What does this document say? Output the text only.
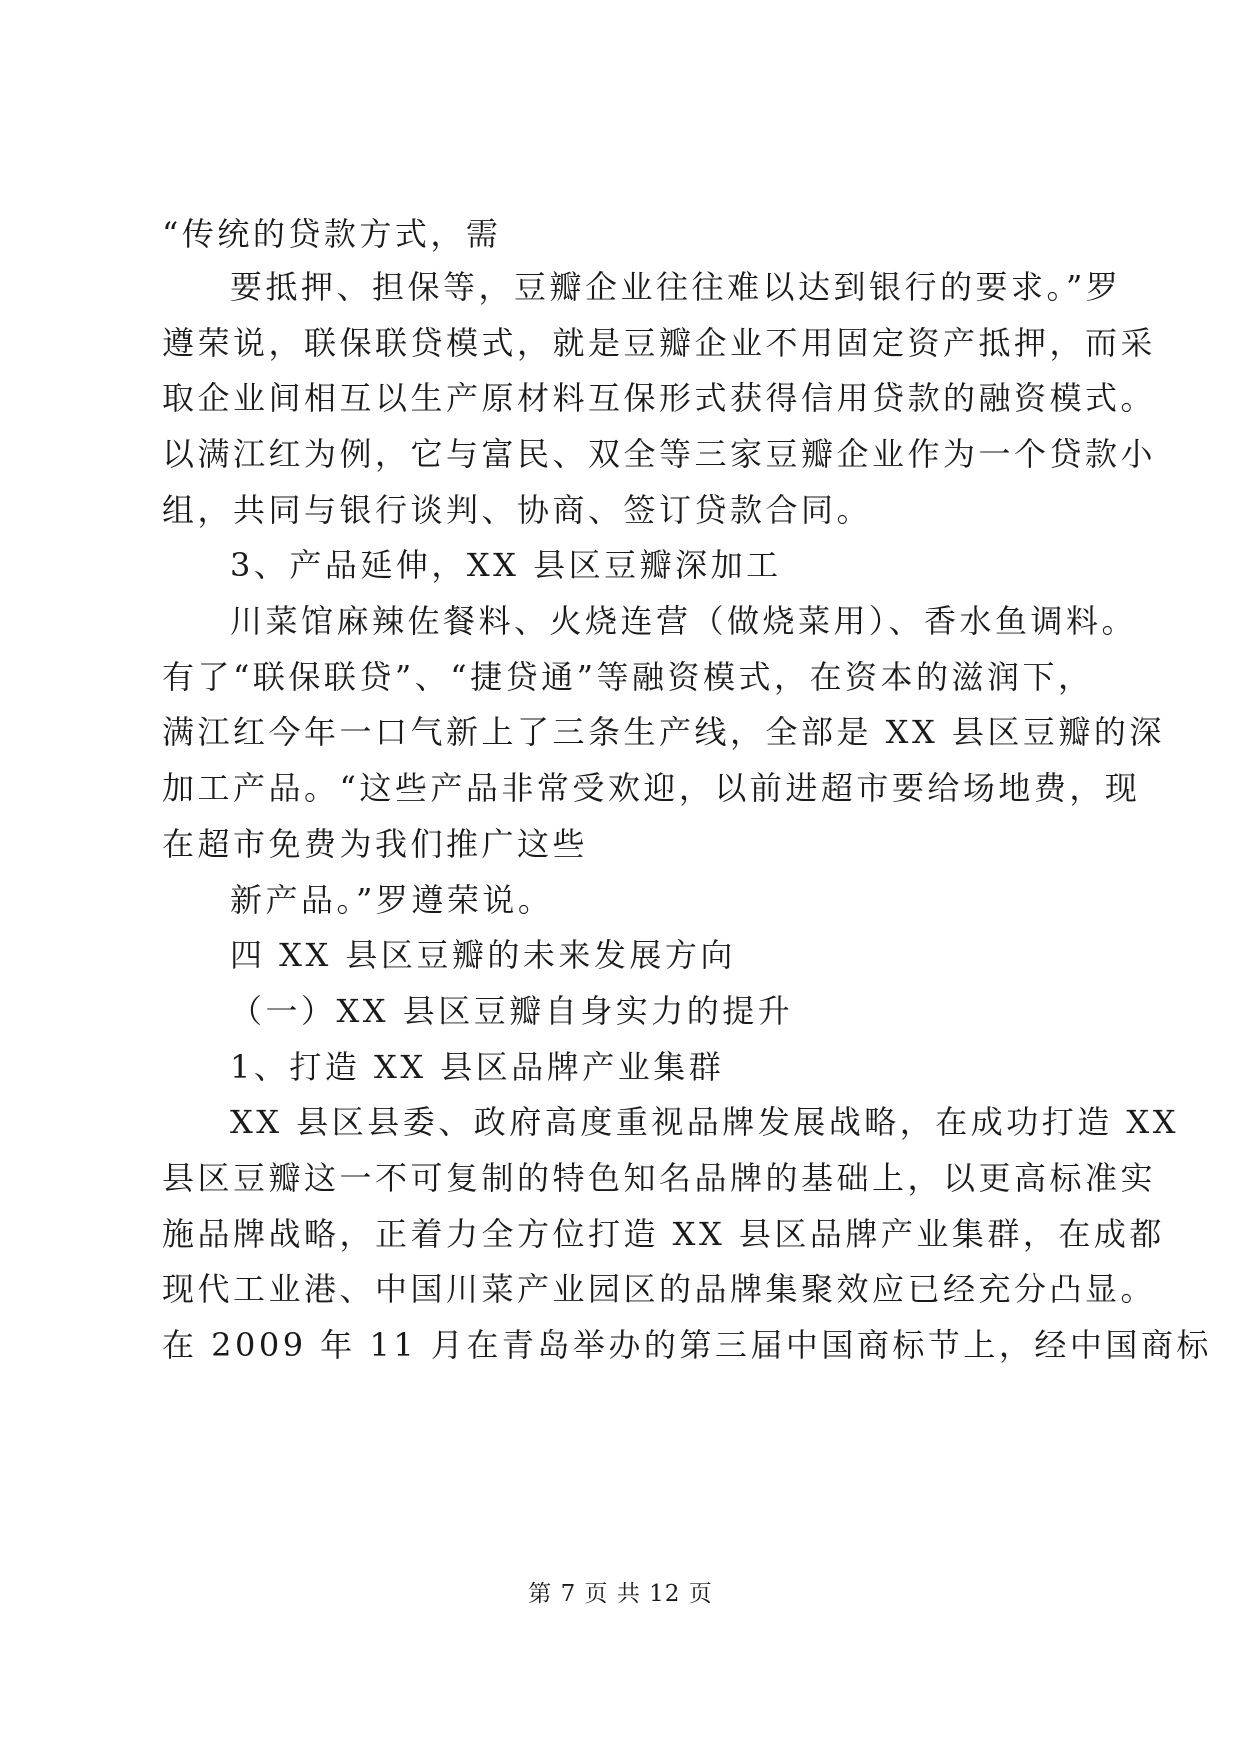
“传统的贷款方式，需
要抵押、担保等，豆瓣企业往往难以达到银行的要求。”罗
遵荣说，联保联贷模式，就是豆瓣企业不用固定资产抵押，而采
取企业间相互以生产原材料互保形式获得信用贷款的融资模式。
以满江红为例，它与富民、双全等三家豆瓣企业作为一个贷款小
组，共同与银行谈判、协商、签订贷款合同。
3、产品延伸，XX 县区豆瓣深加工
川菜馆麻辣佐餐料、火烧连营（做烧菜用）、香水鱼调料。
有了“联保联贷”、“捷贷通”等融资模式，在资本的滋润下，
满江红今年一口气新上了三条生产线，全部是 XX 县区豆瓣的深
加工产品。“这些产品非常受欢迎，以前进超市要给场地费，现
在超市免费为我们推广这些
新产品。”罗遵荣说。
四 XX 县区豆瓣的未来发展方向
（一）XX 县区豆瓣自身实力的提升
1、打造 XX 县区品牌产业集群
XX 县区县委、政府高度重视品牌发展战略，在成功打造 XX
县区豆瓣这一不可复制的特色知名品牌的基础上，以更高标准实
施品牌战略，正着力全方位打造 XX 县区品牌产业集群，在成都
现代工业港、中国川菜产业园区的品牌集聚效应已经充分凸显。
在 2009 年 11 月在青岛举办的第三届中国商标节上，经中国商标
第 7 页 共 12 页
